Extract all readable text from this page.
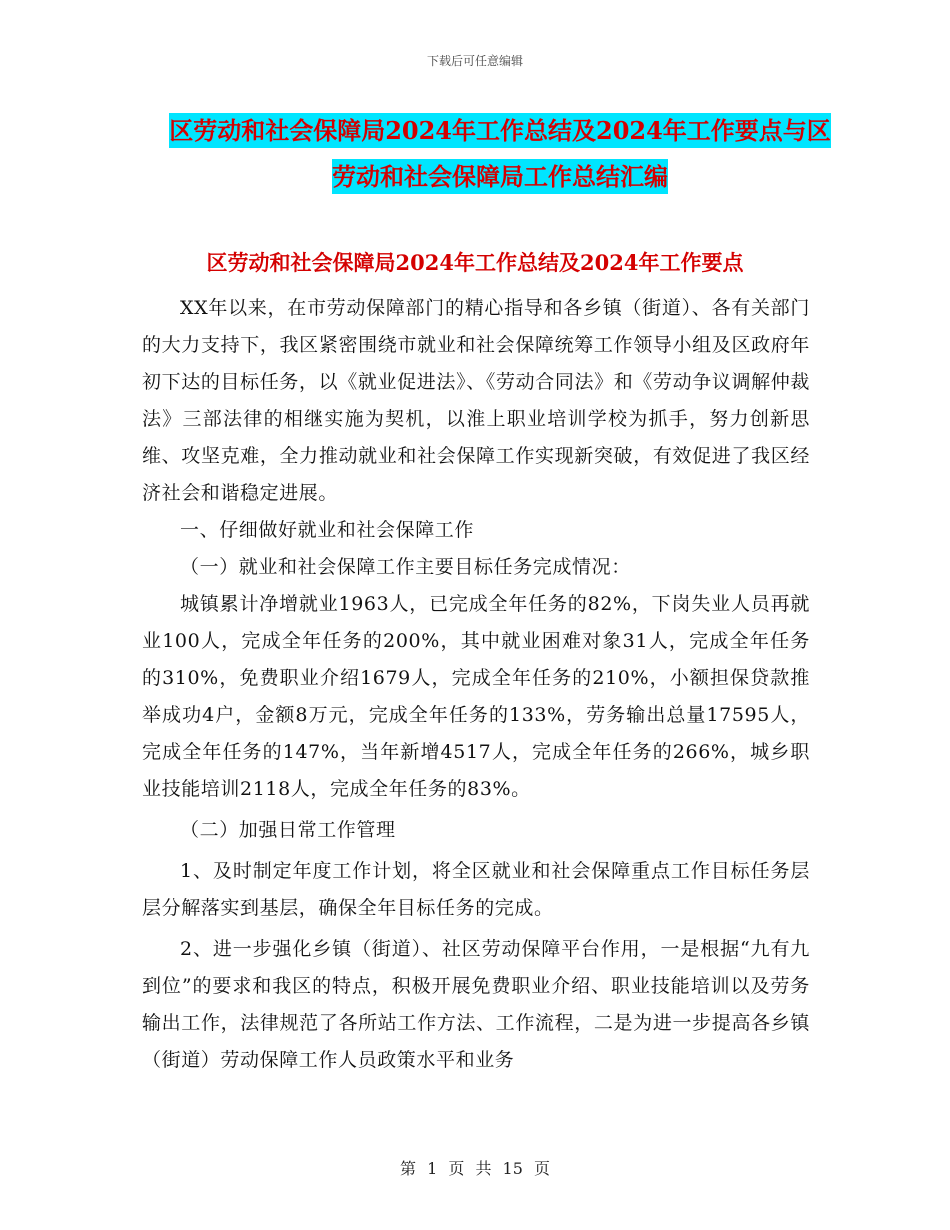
下载后可任意编辑
区劳动和社会保障局2024年工作总结及2024年工作要点与区劳动和社会保障局工作总结汇编
区劳动和社会保障局2024年工作总结及2024年工作要点

XX年以来，在市劳动保障部门的精心指导和各乡镇（街道）、各有关部门的大力支持下，我区紧密围绕市就业和社会保障统筹工作领导小组及区政府年初下达的目标任务，以《就业促进法》、《劳动合同法》和《劳动争议调解仲裁法》三部法律的相继实施为契机，以淮上职业培训学校为抓手，努力创新思维、攻坚克难，全力推动就业和社会保障工作实现新突破，有效促进了我区经济社会和谐稳定进展。

一、仔细做好就业和社会保障工作

（一）就业和社会保障工作主要目标任务完成情况：

城镇累计净增就业1963人，已完成全年任务的82%，下岗失业人员再就业100人，完成全年任务的200%，其中就业困难对象31人，完成全年任务的310%，免费职业介绍1679人，完成全年任务的210%，小额担保贷款推举成功4户，金额8万元，完成全年任务的133%，劳务输出总量17595人，完成全年任务的147%，当年新增4517人，完成全年任务的266%，城乡职业技能培训2118人，完成全年任务的83%。

（二）加强日常工作管理

1、及时制定年度工作计划，将全区就业和社会保障重点工作目标任务层层分解落实到基层，确保全年目标任务的完成。

2、进一步强化乡镇（街道）、社区劳动保障平台作用，一是根据“九有九到位”的要求和我区的特点，积极开展免费职业介绍、职业技能培训以及劳务输出工作，法律规范了各所站工作方法、工作流程，二是为进一步提高各乡镇（街道）劳动保障工作人员政策水平和业务

第 1 页 共 15 页
